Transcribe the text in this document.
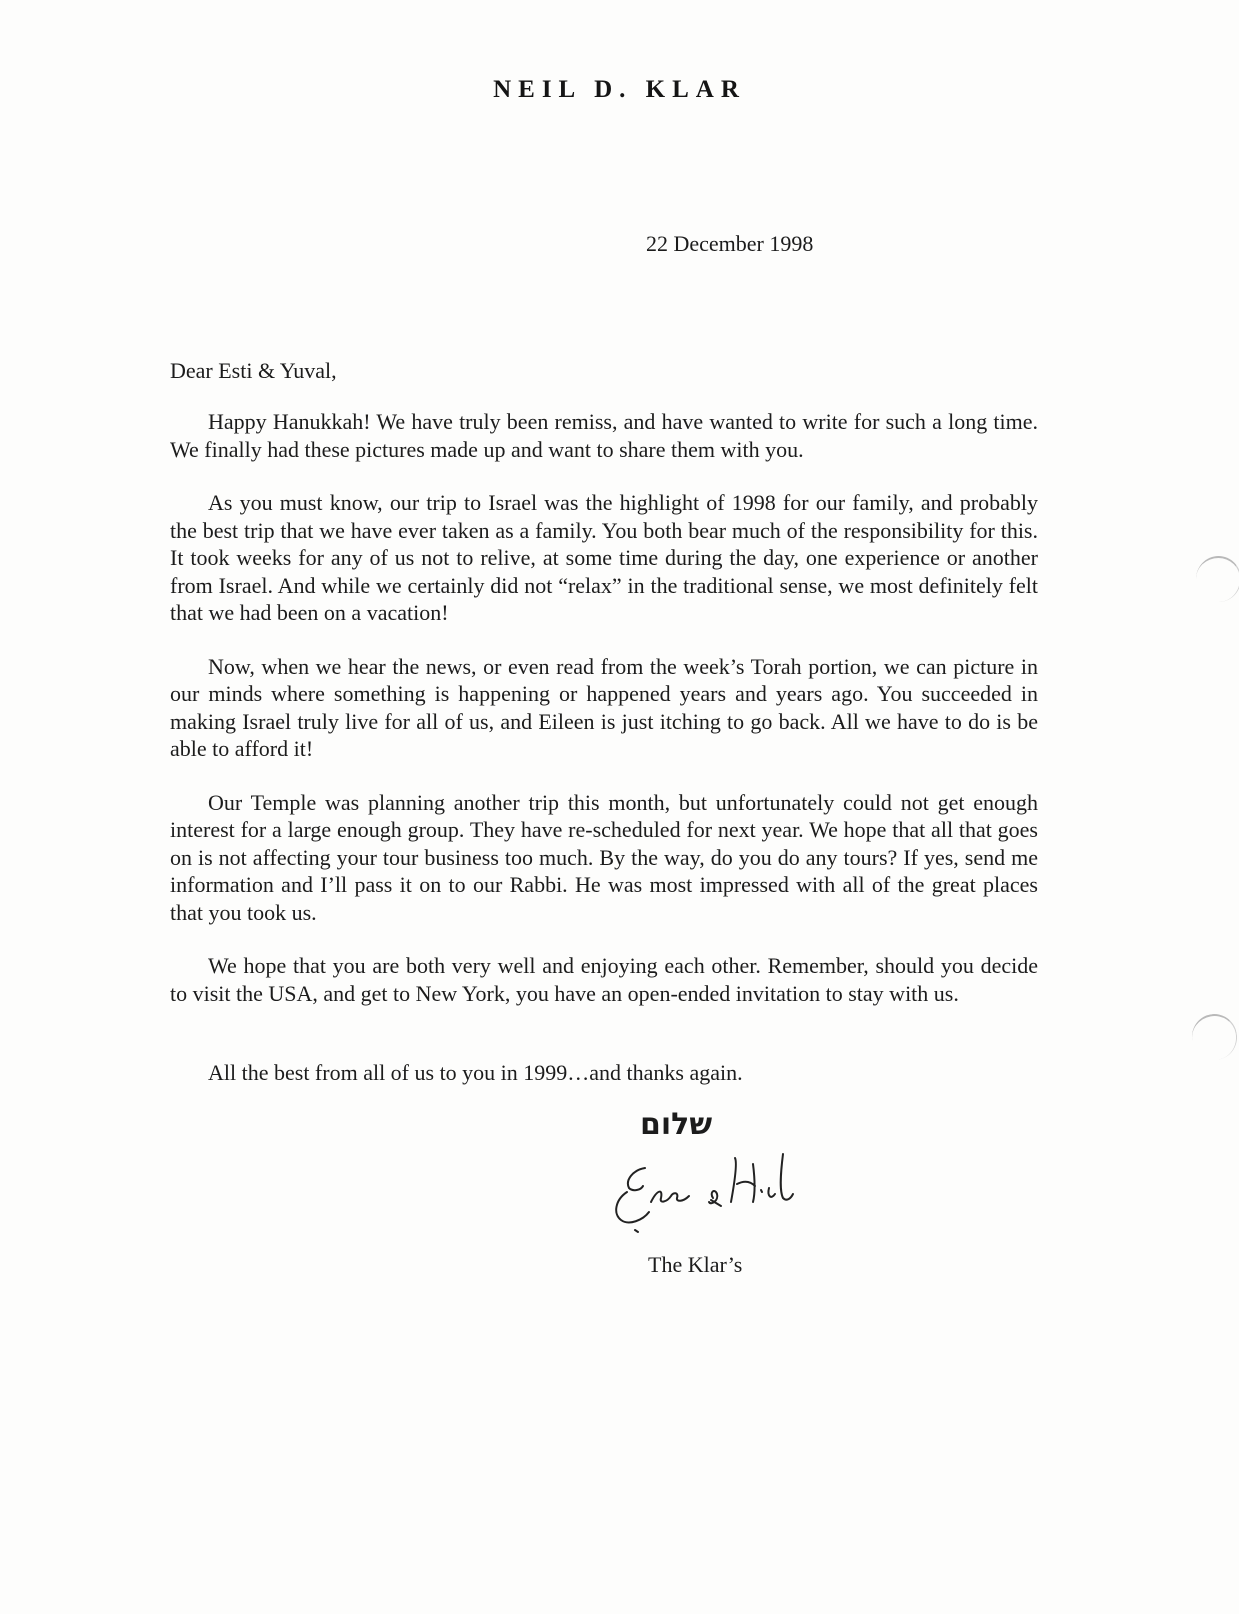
NEIL D. KLAR
22 December 1998
Dear Esti & Yuval,

Happy Hanukkah! We have truly been remiss, and have wanted to write for such a long time. We finally had these pictures made up and want to share them with you.

As you must know, our trip to Israel was the highlight of 1998 for our family, and probably the best trip that we have ever taken as a family. You both bear much of the responsibility for this. It took weeks for any of us not to relive, at some time during the day, one experience or another from Israel. And while we certainly did not “relax” in the traditional sense, we most definitely felt that we had been on a vacation!

Now, when we hear the news, or even read from the week’s Torah portion, we can picture in our minds where something is happening or happened years and years ago. You succeeded in making Israel truly live for all of us, and Eileen is just itching to go back. All we have to do is be able to afford it!

Our Temple was planning another trip this month, but unfortunately could not get enough interest for a large enough group. They have re-scheduled for next year. We hope that all that goes on is not affecting your tour business too much. By the way, do you do any tours? If yes, send me information and I’ll pass it on to our Rabbi. He was most impressed with all of the great places that you took us.

We hope that you are both very well and enjoying each other. Remember, should you decide to visit the USA, and get to New York, you have an open-ended invitation to stay with us.

All the best from all of us to you in 1999…and thanks again.
שלום
The Klar’s
